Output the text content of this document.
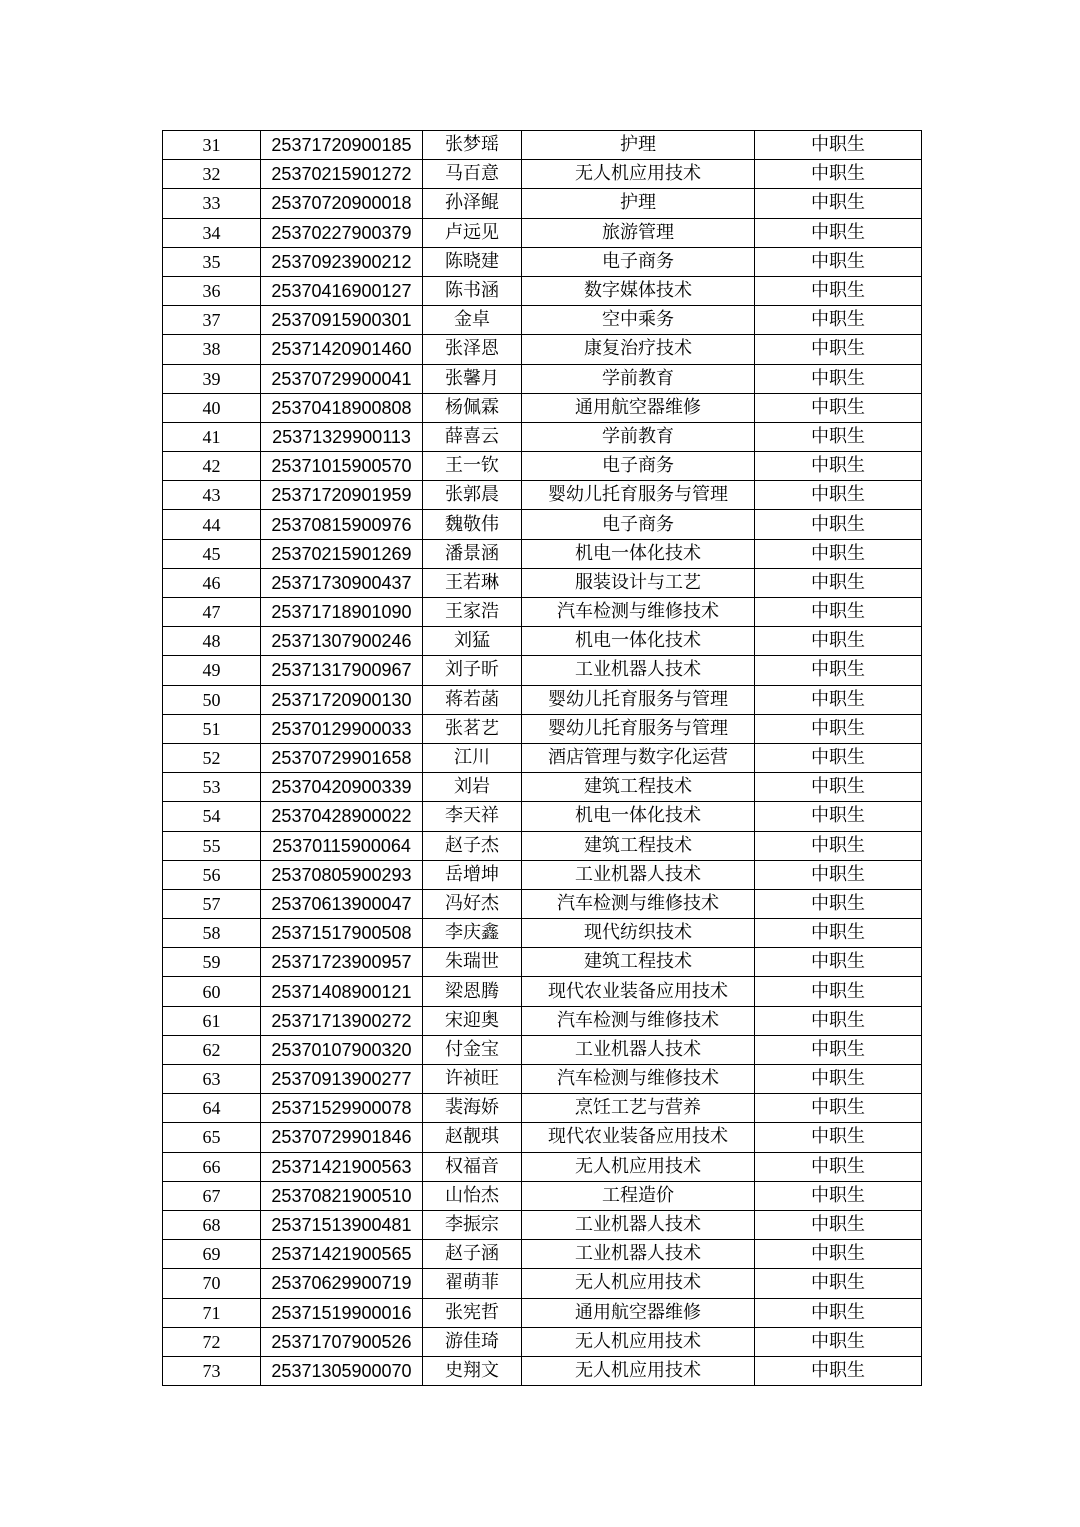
31	25371720900185	张梦瑶	护理	中职生
32	25370215901272	马百意	无人机应用技术	中职生
33	25370720900018	孙泽鲲	护理	中职生
34	25370227900379	卢远见	旅游管理	中职生
35	25370923900212	陈晓建	电子商务	中职生
36	25370416900127	陈书涵	数字媒体技术	中职生
37	25370915900301	金卓	空中乘务	中职生
38	25371420901460	张泽恩	康复治疗技术	中职生
39	25370729900041	张馨月	学前教育	中职生
40	25370418900808	杨佩霖	通用航空器维修	中职生
41	25371329900113	薛喜云	学前教育	中职生
42	25371015900570	王一钦	电子商务	中职生
43	25371720901959	张郭晨	婴幼儿托育服务与管理	中职生
44	25370815900976	魏敬伟	电子商务	中职生
45	25370215901269	潘景涵	机电一体化技术	中职生
46	25371730900437	王若琳	服装设计与工艺	中职生
47	25371718901090	王家浩	汽车检测与维修技术	中职生
48	25371307900246	刘猛	机电一体化技术	中职生
49	25371317900967	刘子昕	工业机器人技术	中职生
50	25371720900130	蒋若菡	婴幼儿托育服务与管理	中职生
51	25370129900033	张茗艺	婴幼儿托育服务与管理	中职生
52	25370729901658	江川	酒店管理与数字化运营	中职生
53	25370420900339	刘岩	建筑工程技术	中职生
54	25370428900022	李天祥	机电一体化技术	中职生
55	25370115900064	赵子杰	建筑工程技术	中职生
56	25370805900293	岳增坤	工业机器人技术	中职生
57	25370613900047	冯好杰	汽车检测与维修技术	中职生
58	25371517900508	李庆鑫	现代纺织技术	中职生
59	25371723900957	朱瑞世	建筑工程技术	中职生
60	25371408900121	梁恩腾	现代农业装备应用技术	中职生
61	25371713900272	宋迎奥	汽车检测与维修技术	中职生
62	25370107900320	付金宝	工业机器人技术	中职生
63	25370913900277	许祯旺	汽车检测与维修技术	中职生
64	25371529900078	裴海娇	烹饪工艺与营养	中职生
65	25370729901846	赵靓琪	现代农业装备应用技术	中职生
66	25371421900563	权福音	无人机应用技术	中职生
67	25370821900510	山怡杰	工程造价	中职生
68	25371513900481	李振宗	工业机器人技术	中职生
69	25371421900565	赵子涵	工业机器人技术	中职生
70	25370629900719	翟萌菲	无人机应用技术	中职生
71	25371519900016	张宪哲	通用航空器维修	中职生
72	25371707900526	游佳琦	无人机应用技术	中职生
73	25371305900070	史翔文	无人机应用技术	中职生
